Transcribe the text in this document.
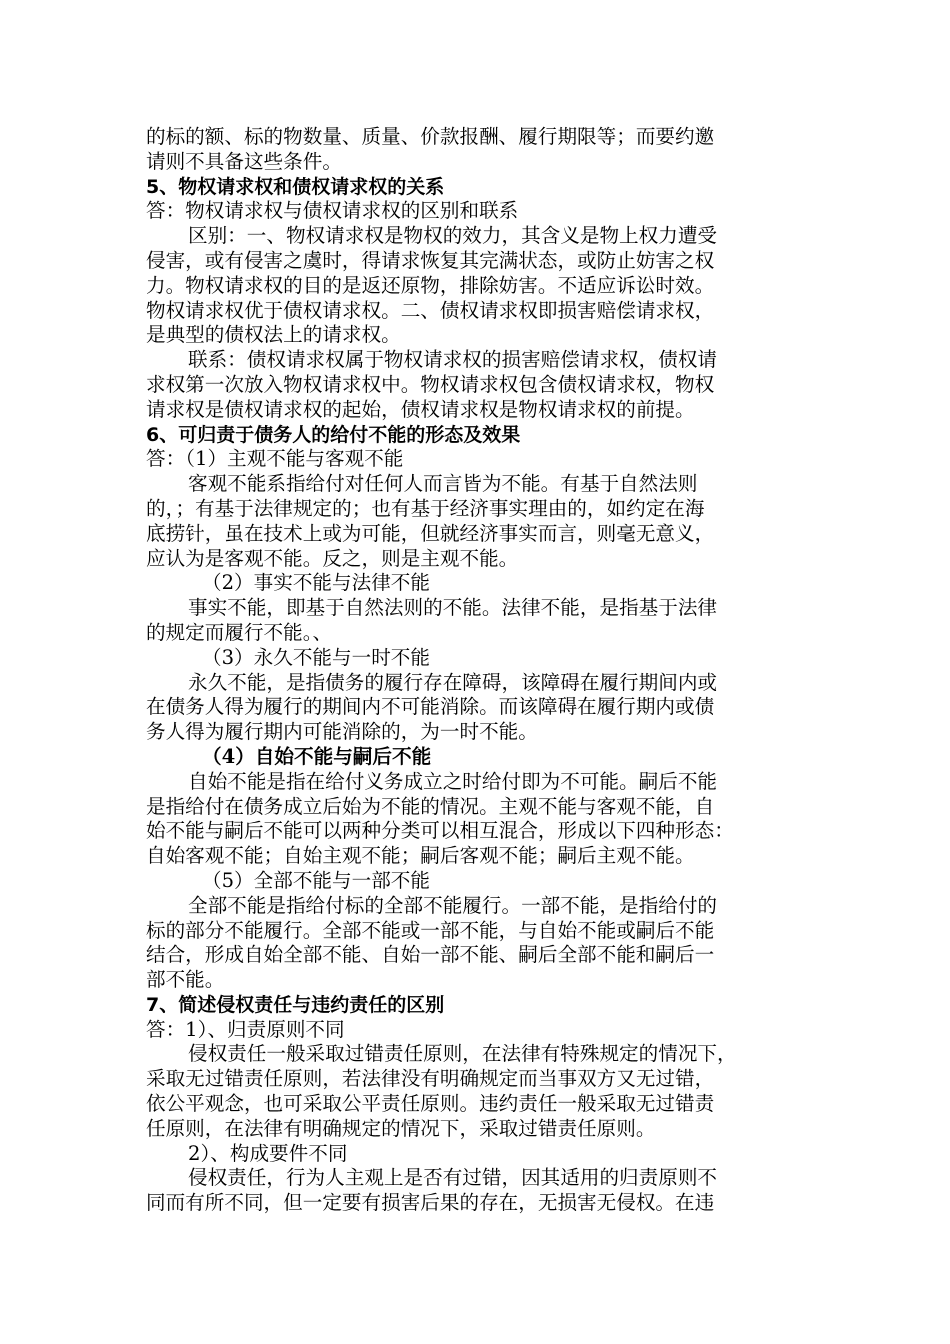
的标的额、标的物数量、质量、价款报酬、履行期限等；而要约邀
请则不具备这些条件。
5、物权请求权和债权请求权的关系
答：物权请求权与债权请求权的区别和联系
区别：一、物权请求权是物权的效力，其含义是物上权力遭受
侵害，或有侵害之虞时，得请求恢复其完满状态，或防止妨害之权
力。物权请求权的目的是返还原物，排除妨害。不适应诉讼时效。
物权请求权优于债权请求权。二、债权请求权即损害赔偿请求权，
是典型的债权法上的请求权。
联系：债权请求权属于物权请求权的损害赔偿请求权，债权请
求权第一次放入物权请求权中。物权请求权包含债权请求权，物权
请求权是债权请求权的起始，债权请求权是物权请求权的前提。
6、可归责于债务人的给付不能的形态及效果
答：（1）主观不能与客观不能
客观不能系指给付对任何人而言皆为不能。有基于自然法则
的，；有基于法律规定的；也有基于经济事实理由的，如约定在海
底捞针，虽在技术上或为可能，但就经济事实而言，则毫无意义，
应认为是客观不能。反之，则是主观不能。
（2）事实不能与法律不能
事实不能，即基于自然法则的不能。法律不能，是指基于法律
的规定而履行不能。、
（3）永久不能与一时不能
永久不能，是指债务的履行存在障碍，该障碍在履行期间内或
在债务人得为履行的期间内不可能消除。而该障碍在履行期内或债
务人得为履行期内可能消除的，为一时不能。
（4）自始不能与嗣后不能
自始不能是指在给付义务成立之时给付即为不可能。嗣后不能
是指给付在债务成立后始为不能的情况。主观不能与客观不能，自
始不能与嗣后不能可以两种分类可以相互混合，形成以下四种形态：
自始客观不能；自始主观不能；嗣后客观不能；嗣后主观不能。
（5）全部不能与一部不能
全部不能是指给付标的全部不能履行。一部不能，是指给付的
标的部分不能履行。全部不能或一部不能，与自始不能或嗣后不能
结合，形成自始全部不能、自始一部不能、嗣后全部不能和嗣后一
部不能。
7、简述侵权责任与违约责任的区别
答：1）、归责原则不同
侵权责任一般采取过错责任原则，在法律有特殊规定的情况下，
采取无过错责任原则，若法律没有明确规定而当事双方又无过错，
依公平观念，也可采取公平责任原则。违约责任一般采取无过错责
任原则，在法律有明确规定的情况下，采取过错责任原则。
2）、构成要件不同
侵权责任，行为人主观上是否有过错，因其适用的归责原则不
同而有所不同，但一定要有损害后果的存在，无损害无侵权。在违
